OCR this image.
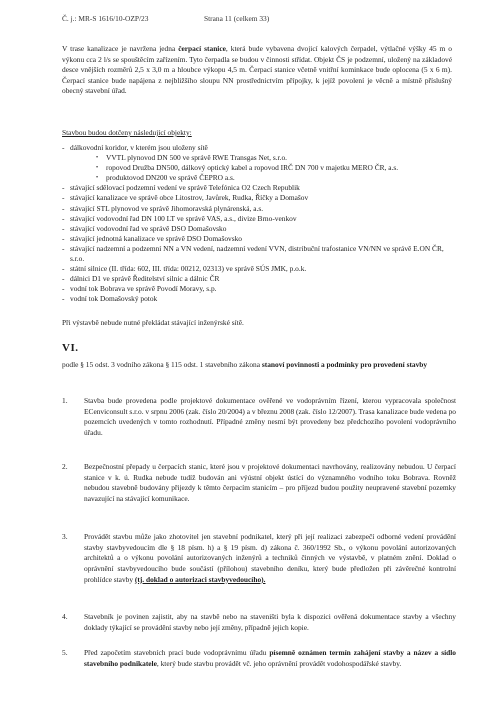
Č. j.: MR-S 1616/10-OZP/23	Strana 11 (celkem 33)
V trase kanalizace je navržena jedna čerpací stanice, která bude vybavena dvojicí kalových čerpadel, výtlačné výšky 45 m o výkonu cca 2 l/s se spouštěcím zařízením. Tyto čerpadla se budou v činnosti střídat. Objekt ČS je podzemní, uložený na základové desce vnějších rozměrů 2,5 x 3,0 m a hloubce výkopu 4,5 m. Čerpací stanice včetně vnitřní kominkace bude oplocena (5 x 6 m). Čerpací stanice bude napájena z nejbližšího sloupu NN prostřednictvím přípojky, k jejíž povolení je věcně a místně příslušný obecný stavební úřad.
Stavbou budou dotčeny následující objekty:
- dálkovodní koridor, v kterém jsou uloženy sítě
• VVTL plynovod DN 500 ve správě RWE Transgas Net, s.r.o.
• ropovod Družba DN500, dálkový optický kabel a ropovod IRČ DN 700 v majetku MERO ČR, a.s.
• produktovod DN200 ve správě ČEPRO a.s.
- stávající sdělovací podzemní vedení ve správě Telefónica O2 Czech Republik
- stávající kanalizace ve správě obce Litostrov, Javůrek, Rudka, Říčky a Domašov
- stávající STL plynovod ve správě Jihomoravská plynárenská, a.s.
- stávající vodovodní řad DN 100 LT ve správě VAS, a.s., divize Brno-venkov
- stávající vodovodní řad ve správě DSO Domašovsko
- stávající jednotná kanalizace ve správě DSO Domašovsko
- stávající nadzemní a podzemní NN a VN vedení, nadzemní vedení VVN, distribuční trafostanice VN/NN ve správě E.ON ČR, s.r.o.
- státní silnice (II. třída: 602, III. třída: 00212, 02313) ve správě SÚS JMK, p.o.k.
- dálnici D1 ve správě Ředitelství silnic a dálnic ČR
- vodní tok Bobrava ve správě Povodí Moravy, s.p.
- vodní tok Domašovský potok
Při výstavbě nebude nutné překládat stávající inženýrské sítě.
VI.
podle § 15 odst. 3 vodního zákona § 115 odst. 1 stavebního zákona stanoví povinnosti a podmínky pro provedení stavby
1. Stavba bude provedena podle projektové dokumentace ověřené ve vodoprávním řízení, kterou vypracovala společnost ECenviconsult s.r.o. v srpnu 2006 (zak. číslo 20/2004) a v březnu 2008 (zak. číslo 12/2007). Trasa kanalizace bude vedena po pozemcích uvedených v tomto rozhodnutí. Případné změny nesmí být provedeny bez předchozího povolení vodoprávního úřadu.
2. Bezpečnostní přepady u čerpacích stanic, které jsou v projektové dokumentaci navrhovány, realizovány nebudou. U čerpací stanice v k. ú. Rudka nebude tudíž budován ani výústní objekt ústící do významného vodního toku Bobrava. Rovněž nebudou stavebně budovány přijezdy k těmto čerpacím stanicím – pro příjezd budou použity neupravené stavební pozemky navazující na stávající komunikace.
3. Provádět stavbu může jako zhotovitel jen stavební podnikatel, který při její realizaci zabezpečí odborné vedení provádění stavby stavbyvedoucím dle § 18 písm. h) a § 19 písm. d) zákona č. 360/1992 Sb., o výkonu povolání autorizovaných architektů a o výkonu povolání autorizovaných inženýrů a techniků činných ve výstavbě, v platném znění. Doklad o oprávnění stavbyvedoucího bude součástí (přílohou) stavebního deníku, který bude předložen při závěrečné kontrolní prohlídce stavby (tj. doklad o autorizaci stavbyvedoucího).
4. Stavebník je povinen zajistit, aby na stavbě nebo na staveništi byla k dispozici ověřená dokumentace stavby a všechny doklady týkající se provádění stavby nebo její změny, případně jejich kopie.
5. Před započetím stavebních prací bude vodoprávnímu úřadu písemně oznámen termín zahájení stavby a název a sídlo stavebního podnikatele, který bude stavbu provádět vč. jeho oprávnění provádět vodohospodářské stavby.
